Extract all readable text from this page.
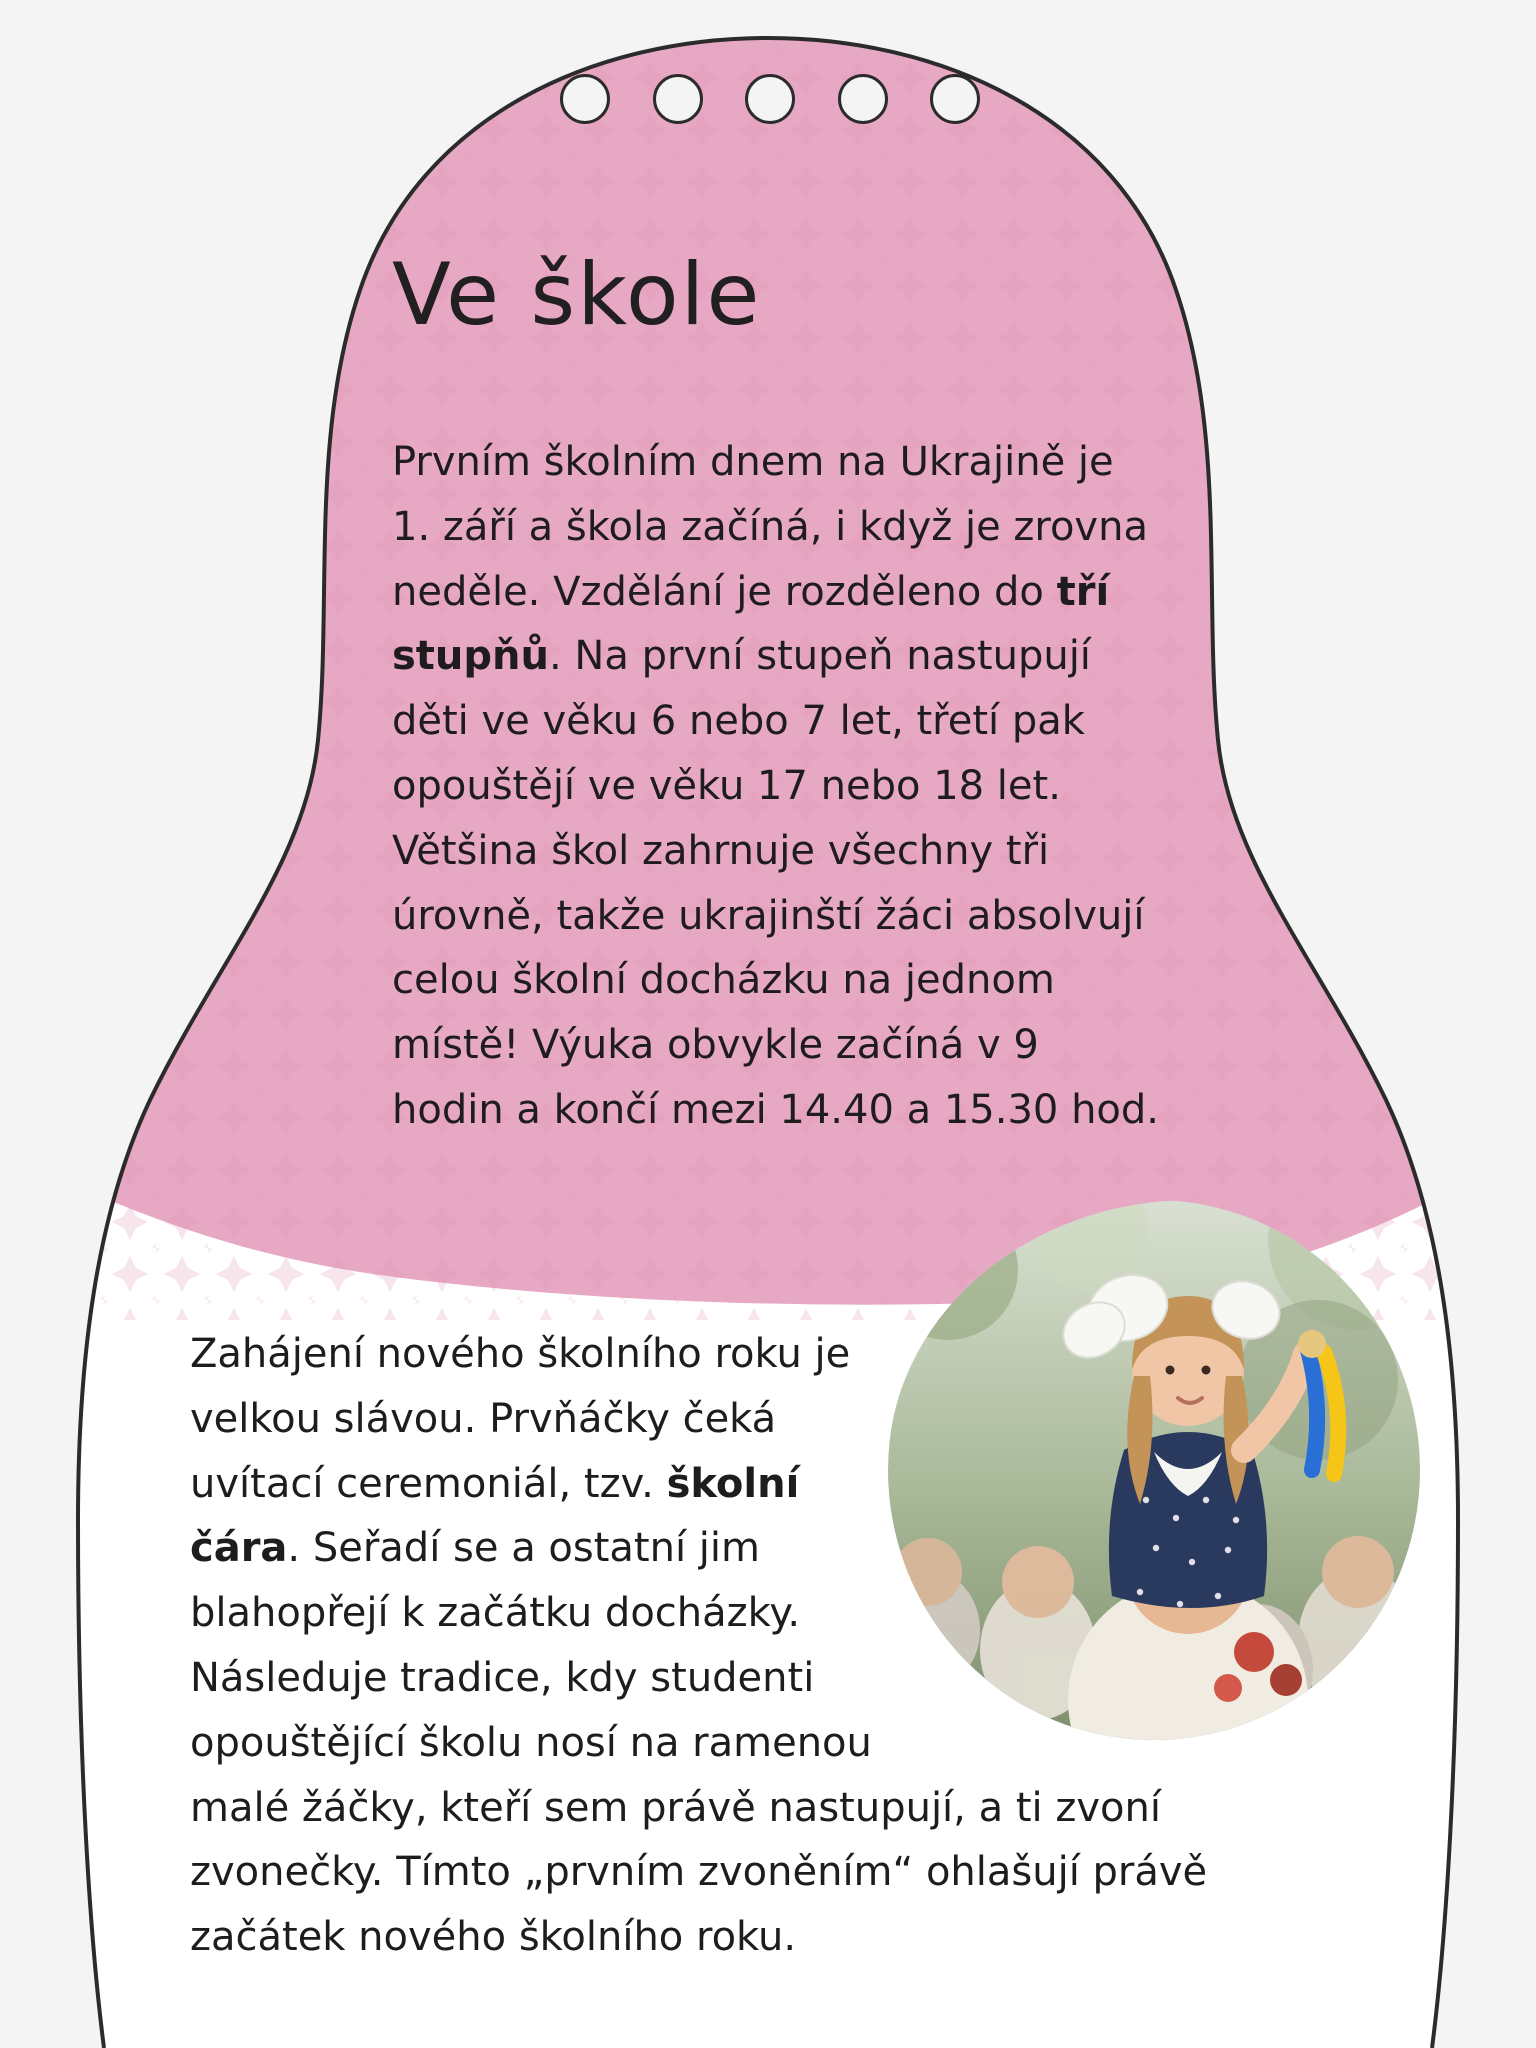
Ve škole
Prvním školním dnem na Ukrajině je 1. září a škola začíná, i když je zrovna neděle. Vzdělání je rozděleno do tří stupňů. Na první stupeň nastupují děti ve věku 6 nebo 7 let, třetí pak opouštějí ve věku 17 nebo 18 let. Většina škol zahrnuje všechny tři úrovně, takže ukrajinští žáci absolvují celou školní docházku na jednom místě! Výuka obvykle začíná v 9 hodin a končí mezi 14.40 a 15.30 hod.
Zahájení nového školního roku je velkou slávou. Prvňáčky čeká uvítací ceremoniál, tzv. školní čára. Seřadí se a ostatní jim blahopřejí k začátku docházky. Následuje tradice, kdy studenti opouštějící školu nosí na ramenou
malé žáčky, kteří sem právě nastupují, a ti zvoní zvonečky. Tímto „prvním zvoněním“ ohlašují právě začátek nového školního roku.
